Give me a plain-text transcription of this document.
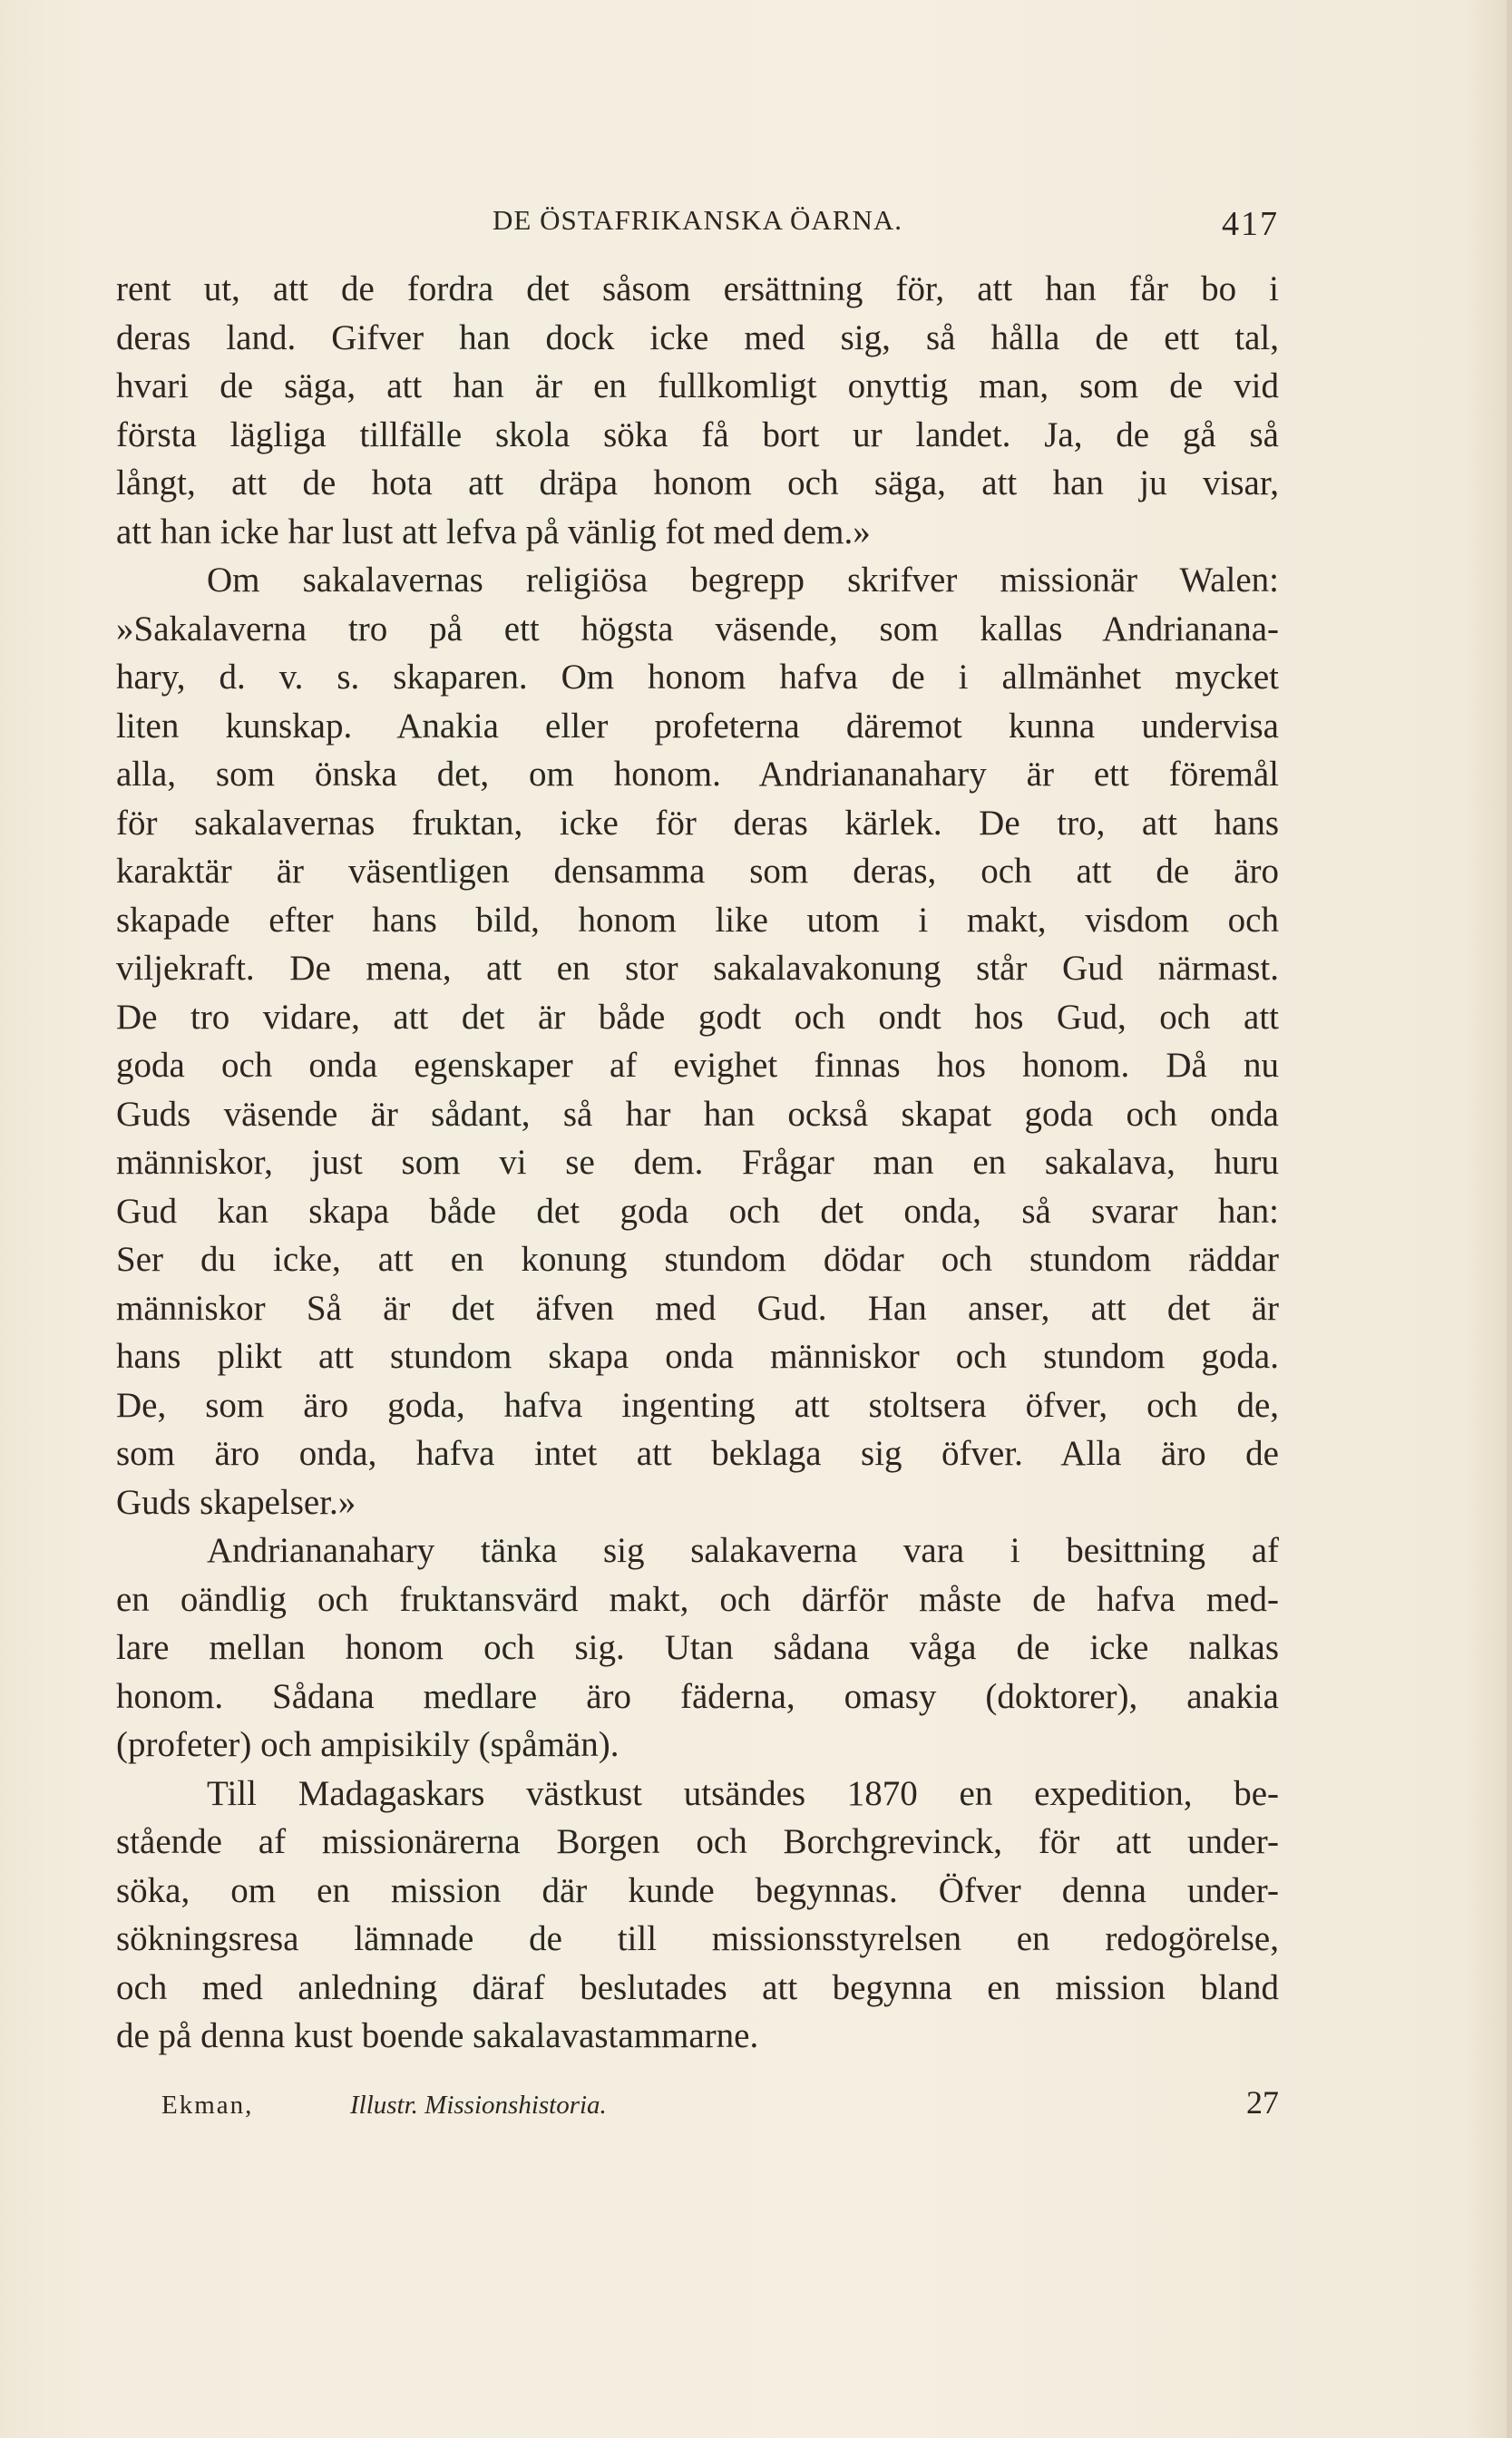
DE ÖSTAFRIKANSKA ÖARNA.	417
rent ut, att de fordra det såsom ersättning för, att han får bo i
deras land. Gifver han dock icke med sig, så hålla de ett tal,
hvari de säga, att han är en fullkomligt onyttig man, som de vid
första lägliga tillfälle skola söka få bort ur landet. Ja, de gå så
långt, att de hota att dräpa honom och säga, att han ju visar,
att han icke har lust att lefva på vänlig fot med dem.»
Om sakalavernas religiösa begrepp skrifver missionär Walen:
»Sakalaverna tro på ett högsta väsende, som kallas Andrianana-
hary, d. v. s. skaparen. Om honom hafva de i allmänhet mycket
liten kunskap. Anakia eller profeterna däremot kunna undervisa
alla, som önska det, om honom. Andriananahary är ett föremål
för sakalavernas fruktan, icke för deras kärlek. De tro, att hans
karaktär är väsentligen densamma som deras, och att de äro
skapade efter hans bild, honom like utom i makt, visdom och
viljekraft. De mena, att en stor sakalavakonung står Gud närmast.
De tro vidare, att det är både godt och ondt hos Gud, och att
goda och onda egenskaper af evighet finnas hos honom. Då nu
Guds väsende är sådant, så har han också skapat goda och onda
människor, just som vi se dem. Frågar man en sakalava, huru
Gud kan skapa både det goda och det onda, så svarar han:
Ser du icke, att en konung stundom dödar och stundom räddar
människor Så är det äfven med Gud. Han anser, att det är
hans plikt att stundom skapa onda människor och stundom goda.
De, som äro goda, hafva ingenting att stoltsera öfver, och de,
som äro onda, hafva intet att beklaga sig öfver. Alla äro de
Guds skapelser.»
Andriananahary tänka sig salakaverna vara i besittning af
en oändlig och fruktansvärd makt, och därför måste de hafva med-
lare mellan honom och sig. Utan sådana våga de icke nalkas
honom. Sådana medlare äro fäderna, omasy (doktorer), anakia
(profeter) och ampisikily (spåmän).
Till Madagaskars västkust utsändes 1870 en expedition, be-
stående af missionärerna Borgen och Borchgrevinck, för att under-
söka, om en mission där kunde begynnas. Öfver denna under-
sökningsresa lämnade de till missionsstyrelsen en redogörelse,
och med anledning däraf beslutades att begynna en mission bland
de på denna kust boende sakalavastammarne.
Ekman,	Illustr. Missionshistoria.	27
